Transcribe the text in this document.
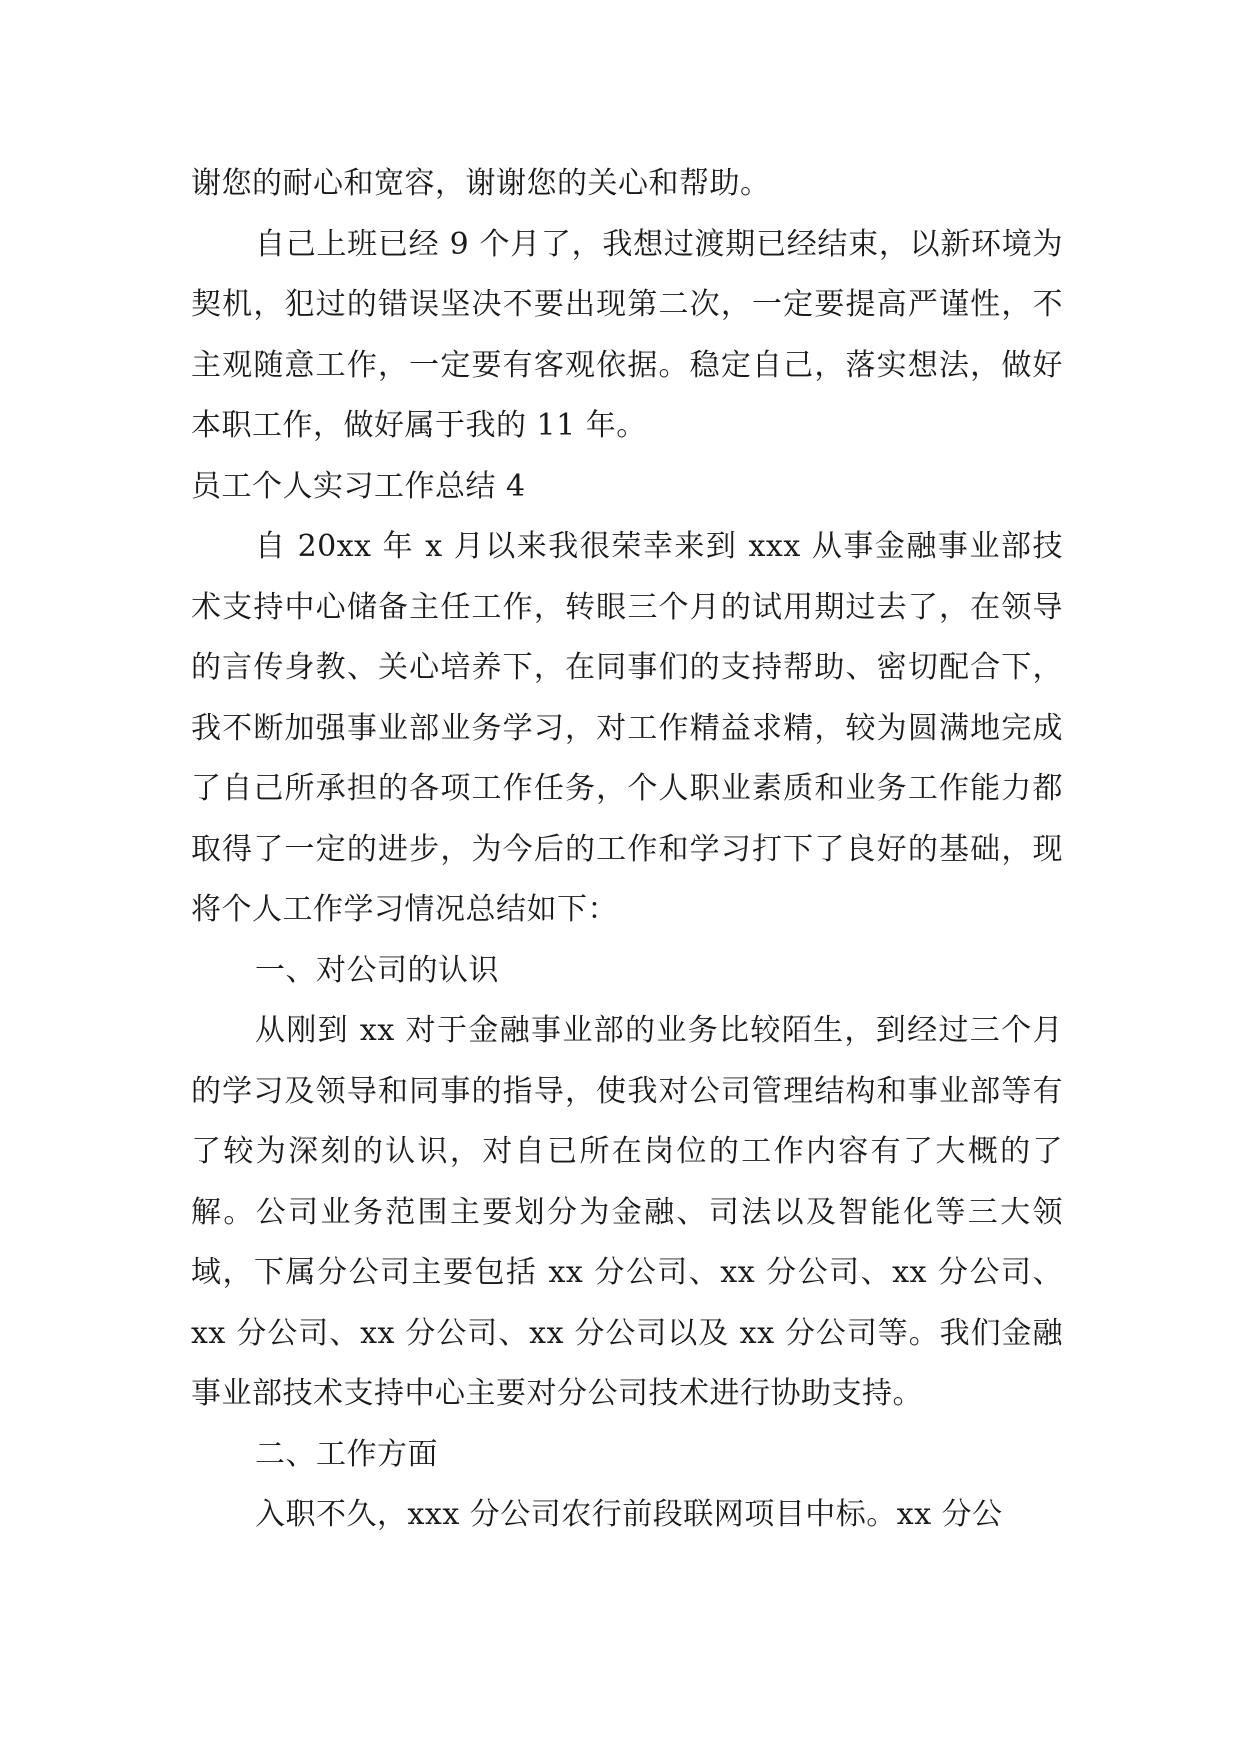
谢您的耐心和宽容，谢谢您的关心和帮助。

自己上班已经 9 个月了，我想过渡期已经结束，以新环境为契机，犯过的错误坚决不要出现第二次，一定要提高严谨性，不主观随意工作，一定要有客观依据。稳定自己，落实想法，做好本职工作，做好属于我的 11 年。

员工个人实习工作总结 4

自 20xx 年 x 月以来我很荣幸来到 xxx 从事金融事业部技术支持中心储备主任工作，转眼三个月的试用期过去了，在领导的言传身教、关心培养下，在同事们的支持帮助、密切配合下，我不断加强事业部业务学习，对工作精益求精，较为圆满地完成了自己所承担的各项工作任务，个人职业素质和业务工作能力都取得了一定的进步，为今后的工作和学习打下了良好的基础，现将个人工作学习情况总结如下：

一、对公司的认识

从刚到 xx 对于金融事业部的业务比较陌生，到经过三个月的学习及领导和同事的指导，使我对公司管理结构和事业部等有了较为深刻的认识，对自已所在岗位的工作内容有了大概的了解。公司业务范围主要划分为金融、司法以及智能化等三大领域，下属分公司主要包括 xx 分公司、xx 分公司、xx 分公司、xx 分公司、xx 分公司、xx 分公司以及 xx 分公司等。我们金融事业部技术支持中心主要对分公司技术进行协助支持。

二、工作方面

入职不久，xxx 分公司农行前段联网项目中标。xx 分公
